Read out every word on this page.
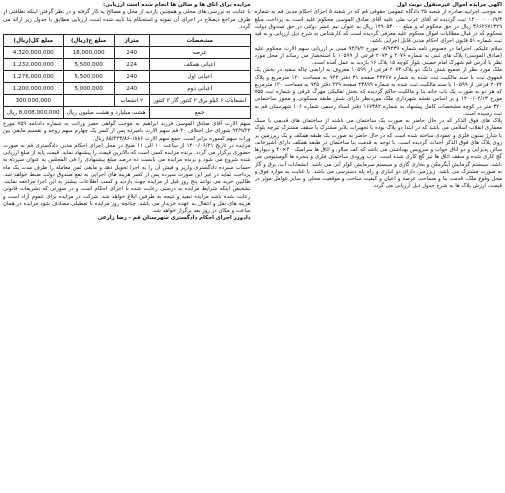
آگهی مزایده اموال غیرمنقول نوبت اول

به موجب اجراییه صادره از شعبه ۲۵ دادگاه عمومی حقوقی قم که در شعبه ۵ اجرای احکام مدنی قم به شماره ۰۰/۹/۳ - ۱۴۰۰ ثبت گردیده له آقای عرب ملی علیه آقای صادق الموسی محکوم علیه است به پرداخت مبلغ ۳۶۶۲۶۷۱۳۲۹ ریال در حق محکوم له و مبلغ ۱۴۹۰۵۳۰۰۰ ریال به عنوان نیم عشر دولتی در حق صندوق دولت محکوم که در قبال مطالبات اموال محکوم علیه معرفی گردیده است که کارشناس به شرح ذیل ارزیابی و به قید ثبت شماره ۵۱ قانون اجرای احکام مدنی قابل اجرایی باشد.

سلام علیکم، احتراما در خصوص نامه شماره ۰۸/۹۴۳۹ مورخ ۹۴/۹/۲ مبنی بر ارزیابی سهم الارث محکوم علیه (صادق الموسی) پلاک های ثبتی به شماره ۲۰۷۶ و ۲۰۷۴ فرعی از ۱۰۵۹۹ با استحضار می رساند از محل مورد نظر با آدرس قم شهرک امام خمینی بلوار کوچه ۱۵ پلاک ۱۶ بازدید به عمل آمده است.

ملک مورد نظر از تجمیع شش دانگ دو پلاک ۲۰۷۳ فرعی از ۱۰۵۹۹ معروف به اراضی چاله سفید در بخش یک قمهوی ثبت با سند مالکیت ثبت شده به شماره ۴۳۴۶۷ صفحه ۳۱ دفتر ۹۴۴ به مساحت ۱۲۰ مترمربع و پلاک ۲۰۷۴ فرعی از ۱۰۵۹۹ با سند مالکیت ثبت شده به شماره ۴۳۸۹۹ صفحه ۲۲۹ دفتر ۹۴۵ به مساحت ۱۲۰ مترمربع که هر دو به صورت یک باب خانه بنا و مالکیت حاکم گردیده که بخش تفکیکی مهرگ غرقی و شماره ثبت ۷۵۵ مورخ ۱۴۰۰/۰۴/۱۳ و بر اساس نقشه شهرداری ملک موردنظر دارای شش طبقه مسکونی و مجوز ساختمانی ۳۲۰ متر در کوچه مشخصات کامل پیشنهاد به شماره ۱۶۷۳۸۲ دفتر اسناد رسمی شماره ۱۰۶ شهرستان قم به ثبت رسیده است.

پلاک های فوق الذکر که در حال حاضر به صورت یک ساختمان می باشند از ساختمان های قدیمی با سبک معماری انقلاب اسلامی می باشد که در ابتدا دو پلاک بوده با تجهیزات بلابر مشترک با سقف مشترک تیرچه بلوک با شارژ ستون فلزی و عمودی ساخته شده است که در حال حاضر به صورت یک طبقه همکف و یک زیرزمین بر روی پلاک های فوق الذکر احداث گردیده است. با توجه به قدمت بنا ساختمان در طبقه همکف دارای آشپزخانه، سالن پذیرایی و دو اتاق خواب و سرویس بهداشتی می باشد که کف سالن و اتاق ها سرامیک ۴۰×۴۰ و دیوارها گچ کاری شده و سقف اتاق ها نیز گچ کاری شده است. درب ورودی ساختمان فلزی و پنجره ها آلومینیومی می باشد. سیستم گرمایش آبگرمکن و بخاری گازی و سیستم سرمایش کولر آبی می باشد. انشعابات آب، برق و گاز به صورت مشترک می باشد. زیرزمین دارای دو انباری و راه پله دسترسی می باشد. با عنایت به موارد فوق و محل وقوع ملک، قدمت بنا و مساحت عرصه و اعیان و کیفیت ساخت و موقعیت محلی و سایر عوامل موثر در قیمت، ارزش پلاک ها به شرح جدول ذیل ارزیابی می گردد.

مزایده برای اتاق ها و سالن ها انجام شده است ارزیابی:

با عنایت به بررسی های محلی و همچنین بازدید از محل و مصالح به کار گرفته و در نظر گرفتن اینکه نظافتی از طرف مراجع ذیصلاح در اجرای آن نمونه و استحکام بنا تایید شده است ارزیابی مطابق با جدول زیر ارائه می گردد.

مشخصات	متراژ	مبلغ ج(ریال)	مبلغ کل(ریال)
عرصه	240	18,000,000	4,320,000,000
اعیانی همکف	224	5,500,000	1,232,000,000
اعیانی اول	240	5,500,000	1,276,000,000
اعیانی دوم	240	5,000,000	1,200,000,000
انشعابات ۶ کیلو برق ۲ کنتور گاز ۳ کنتور	۲ انشعاب		300,000,000
جمع	هشت میلیارد و هشت میلیون ریال		8,008,000,000 ریال

سهم الارث آقای صادق الموسی فرزند ابراهیم به موجب گواهی حصر وراثت به شماره دادنامه ۷۵۹ مورخ ۹۴/۹/۲۲ شورای حل اختلاف ۴۰ قم سهم الارث نامبرده پس از کسر یک چهارم سهم زوجه و تقسیم مابقی بین وراث سهم کسوره برابر است. جمع سهم الارث ۸۵/۴۲۳/۸۶۰/۸۸۶ ریال.

مزایده در تاریخ ۱۴۰۰/۰۶/۲۱ از ساعت ۱۰ الی ۱۱ صبح در محل اجرای احکام مدنی دادگستری قم به صورت حضوری برگزار می گردد. برنده مزایده کسی است که بالاترین قیمت را پیشنهاد نماید. قیمت پایه از مبلغ ارزیابی شده شروع می شود و برنده مزایده می بایست ده درصد مبلغ پیشنهادی را فی المجلس به عنوان سپرده به حساب سپرده دادگستری واریز و فیش آن را به اجرا تحویل دهد و مابقی ثمن معامله را ظرف مدت یک ماه پرداخت نماید در غیر این صورت سپرده پس از کسر هزینه های اجرایی به نفع صندوق دولت ضبط خواهد شد. طالبین خرید می توانند پنج روز قبل از مزایده جهت بازدید و کسب اطلاعات بیشتر به این اجرا مراجعه نمایند. تشخیص اینکه شرایط مزایده به درستی رعایت شده با اجرای احکام است و در صورتی که تشریفات قانونی رعایت شده باشد مزایده تنفیذ و نتیجه به طرفین ابلاغ خواهد شد. شرکت در مزایده برای عموم آزاد است و هزینه های نقل و انتقال به عهده خریدار می باشد. چنانچه روز مزایده با تعطیلی مصادف شود مزایده در همان ساعت و مکان در روز بعد برگزار خواهد شد.

دادورز اجرای احکام دادگستری شهرستان قم - رضا زارعی
